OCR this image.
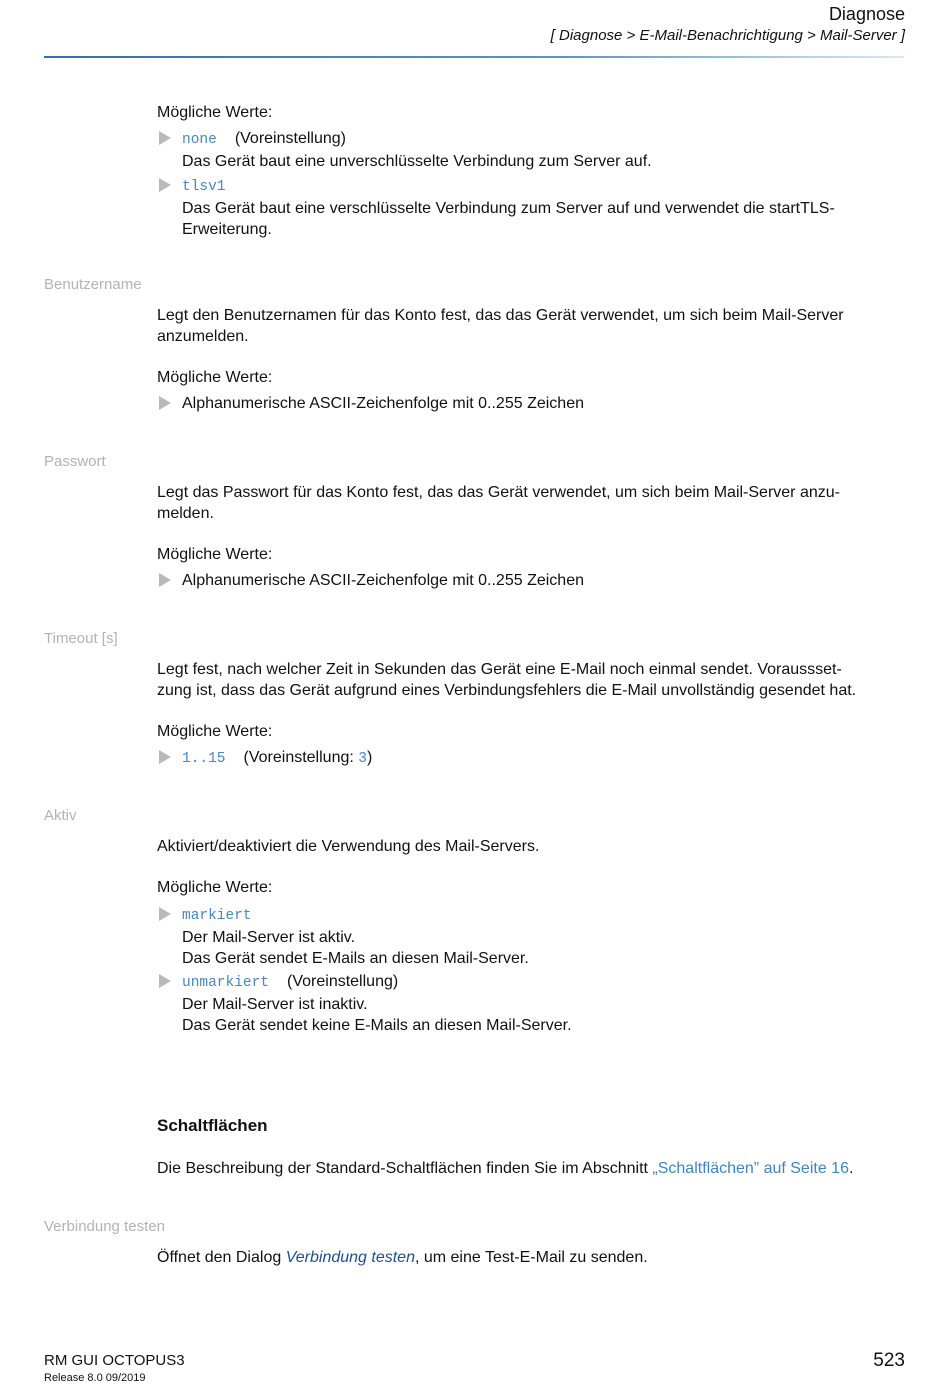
Diagnose
[ Diagnose > E-Mail-Benachrichtigung > Mail-Server ]
Mögliche Werte:
none (Voreinstellung)
Das Gerät baut eine unverschlüsselte Verbindung zum Server auf.
tlsv1
Das Gerät baut eine verschlüsselte Verbindung zum Server auf und verwendet die startTLS-
Erweiterung.
Benutzername
Legt den Benutzernamen für das Konto fest, das das Gerät verwendet, um sich beim Mail-Server
anzumelden.
Mögliche Werte:
Alphanumerische ASCII-Zeichenfolge mit 0..255 Zeichen
Passwort
Legt das Passwort für das Konto fest, das das Gerät verwendet, um sich beim Mail-Server anzu-
melden.
Mögliche Werte:
Alphanumerische ASCII-Zeichenfolge mit 0..255 Zeichen
Timeout [s]
Legt fest, nach welcher Zeit in Sekunden das Gerät eine E-Mail noch einmal sendet. Voraussset-
zung ist, dass das Gerät aufgrund eines Verbindungsfehlers die E-Mail unvollständig gesendet hat.
Mögliche Werte:
1..15 (Voreinstellung: 3)
Aktiv
Aktiviert/deaktiviert die Verwendung des Mail-Servers.
Mögliche Werte:
markiert
Der Mail-Server ist aktiv.
Das Gerät sendet E-Mails an diesen Mail-Server.
unmarkiert (Voreinstellung)
Der Mail-Server ist inaktiv.
Das Gerät sendet keine E-Mails an diesen Mail-Server.
Schaltflächen
Die Beschreibung der Standard-Schaltflächen finden Sie im Abschnitt „Schaltflächen” auf Seite 16.
Verbindung testen
Öffnet den Dialog Verbindung testen, um eine Test-E-Mail zu senden.
RM GUI OCTOPUS3
Release 8.0 09/2019
523
